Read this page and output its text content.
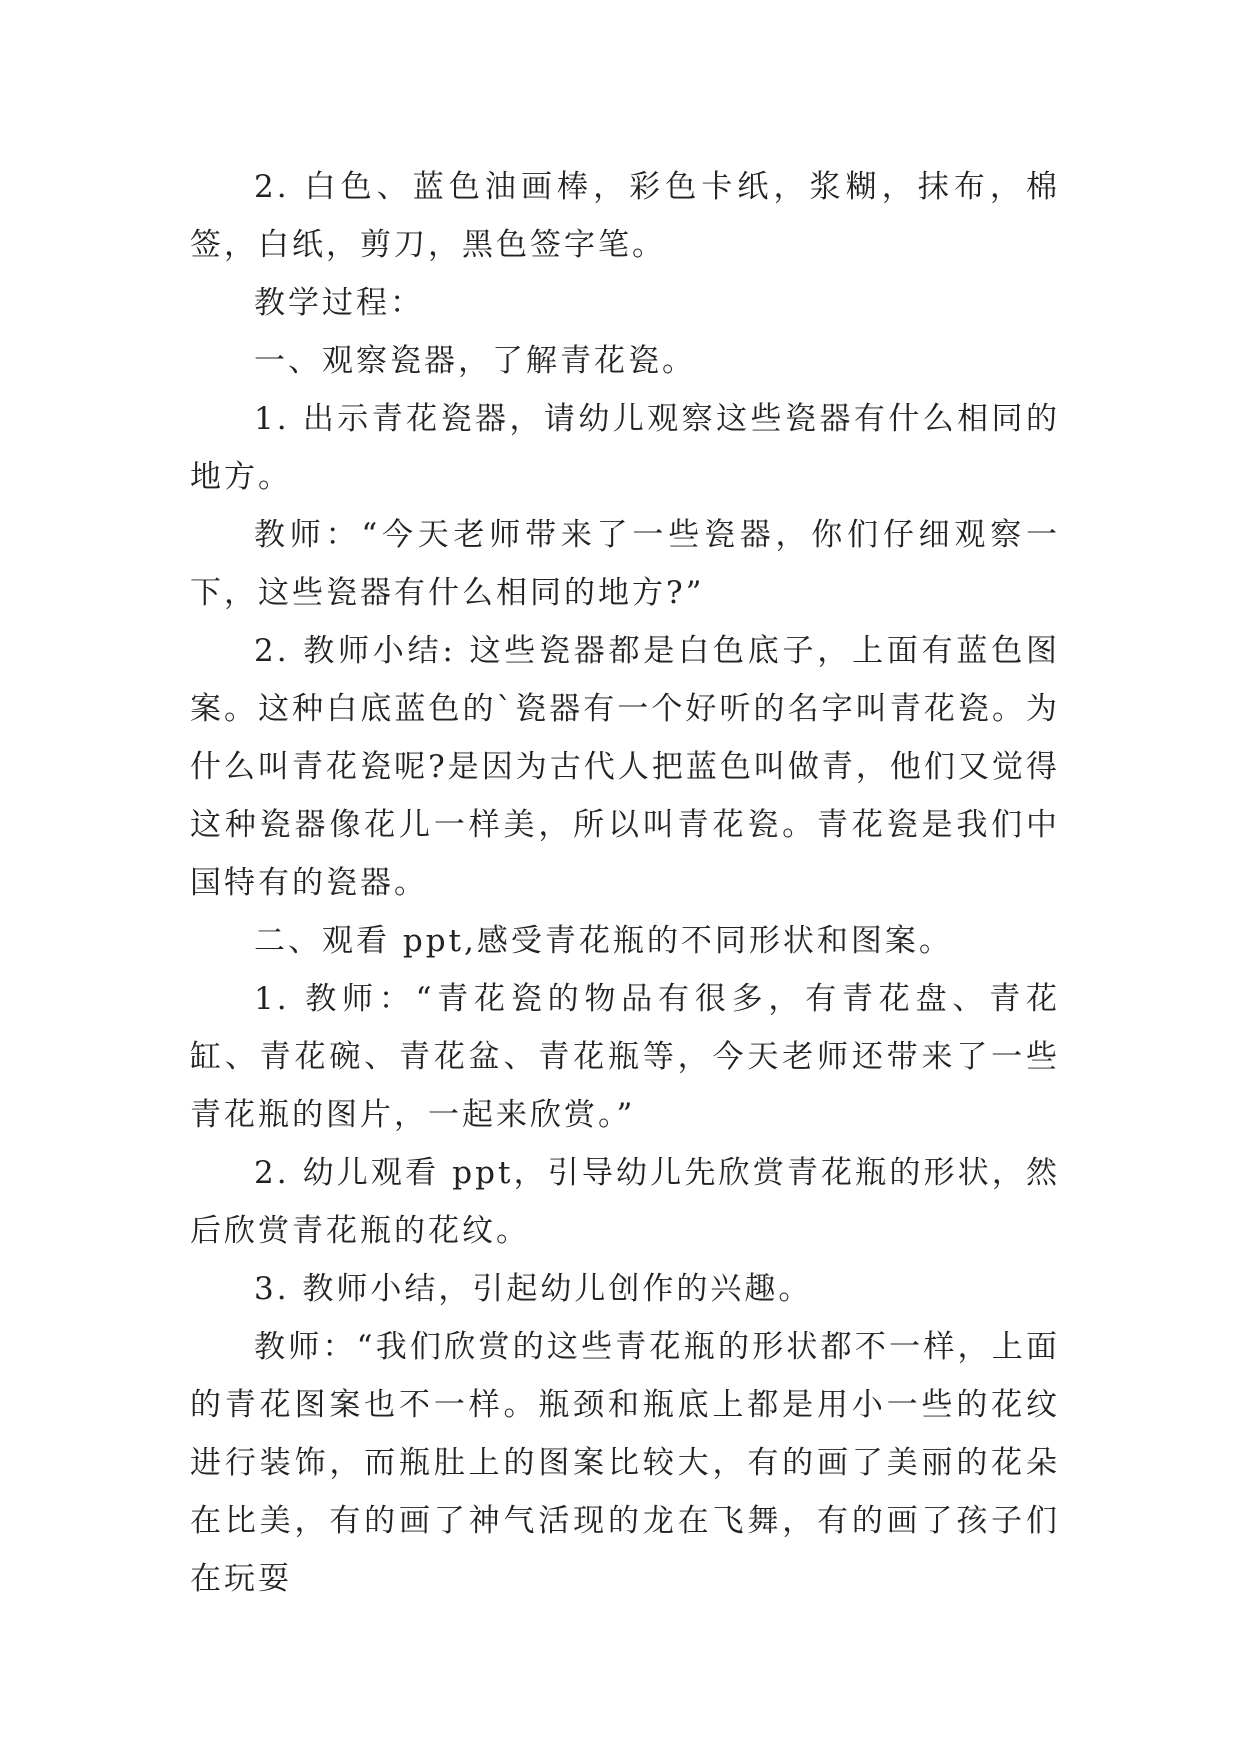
2. 白色、蓝色油画棒，彩色卡纸，浆糊，抹布，棉签，白纸，剪刀，黑色签字笔。

教学过程：

一、观察瓷器，了解青花瓷。

1. 出示青花瓷器，请幼儿观察这些瓷器有什么相同的地方。

教师：“今天老师带来了一些瓷器，你们仔细观察一下，这些瓷器有什么相同的地方?”

2. 教师小结: 这些瓷器都是白色底子，上面有蓝色图案。这种白底蓝色的`瓷器有一个好听的名字叫青花瓷。为什么叫青花瓷呢?是因为古代人把蓝色叫做青，他们又觉得这种瓷器像花儿一样美，所以叫青花瓷。青花瓷是我们中国特有的瓷器。

二、观看 ppt,感受青花瓶的不同形状和图案。

1. 教师：“青花瓷的物品有很多，有青花盘、青花缸、青花碗、青花盆、青花瓶等，今天老师还带来了一些青花瓶的图片，一起来欣赏。”

2. 幼儿观看 ppt，引导幼儿先欣赏青花瓶的形状，然后欣赏青花瓶的花纹。

3. 教师小结，引起幼儿创作的兴趣。

教师：“我们欣赏的这些青花瓶的形状都不一样，上面的青花图案也不一样。瓶颈和瓶底上都是用小一些的花纹进行装饰，而瓶肚上的图案比较大，有的画了美丽的花朵在比美，有的画了神气活现的龙在飞舞，有的画了孩子们在玩耍
